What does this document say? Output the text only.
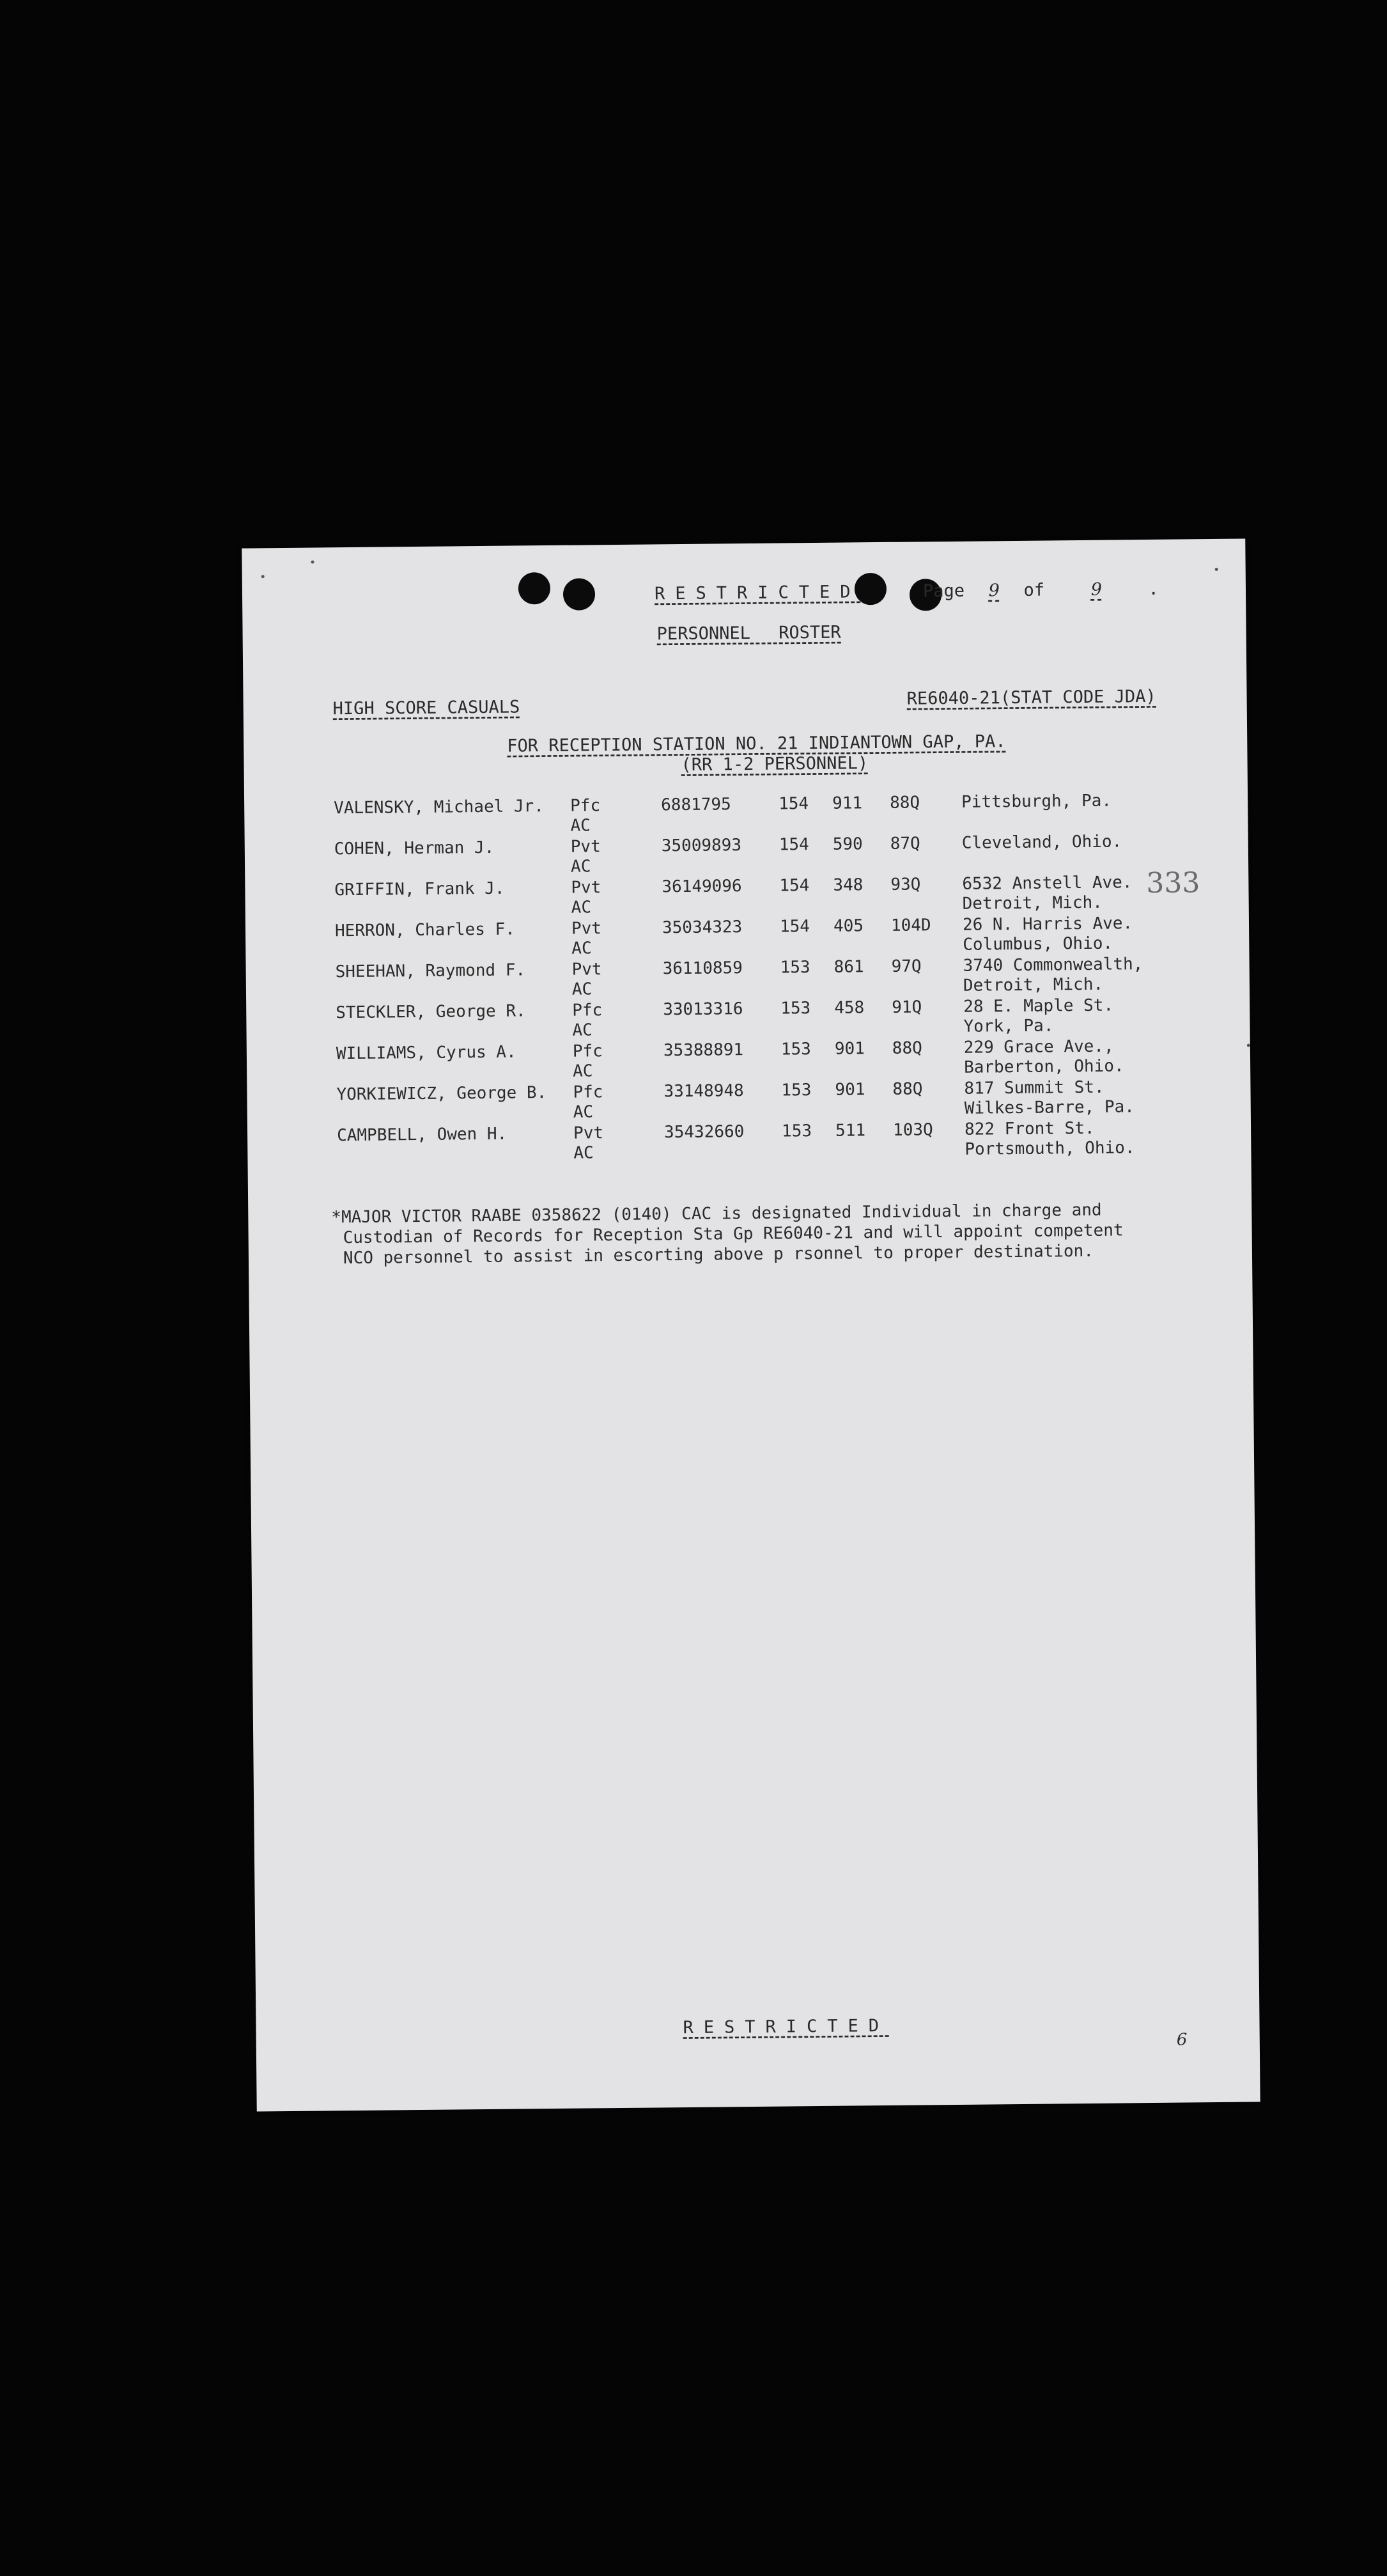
RESTRICTED	Page 9 of	9	.
PERSONNEL ROSTER
HIGH SCORE CASUALS	RE6040-21(STAT CODE JDA)
FOR RECEPTION STATION NO. 21 INDIANTOWN GAP, PA.
(RR 1-2 PERSONNEL)
VALENSKY, Michael Jr. Pfc	6881795	154 911 88Q Pittsburgh, Pa.
AC
COHEN, Herman J.	Pvt	35009893 154 590 87Q Cleveland, Ohio.
AC
GRIFFIN, Frank J.	Pvt	36149096 154 348 93Q 6532 Anstell Ave.
AC	Detroit, Mich.
HERRON, Charles F.	Pvt	35034323 154 405 104D 26 N. Harris Ave.
AC	Columbus, Ohio.
SHEEHAN, Raymond F.	Pvt	36110859 153 861 97Q 3740 Commonwealth,
AC	Detroit, Mich.
STECKLER, George R.	Pfc	33013316 153 458 91Q 28 E. Maple St.
AC	York, Pa.
WILLIAMS, Cyrus A.	Pfc	35388891 153 901 88Q 229 Grace Ave.,
AC	Barberton, Ohio.
YORKIEWICZ, George B. Pfc	33148948 153 901 88Q 817 Summit St.
AC	Wilkes-Barre, Pa.
CAMPBELL, Owen H.	Pvt	35432660 153 511 103Q 822 Front St.
AC	Portsmouth, Ohio.
333
*MAJOR VICTOR RAABE 0358622 (0140) CAC is designated Individual in charge and
Custodian of Records for Reception Sta Gp RE6040-21 and will appoint competent
NCO personnel to assist in escorting above p rsonnel to proper destination.
RESTRICTED
6
